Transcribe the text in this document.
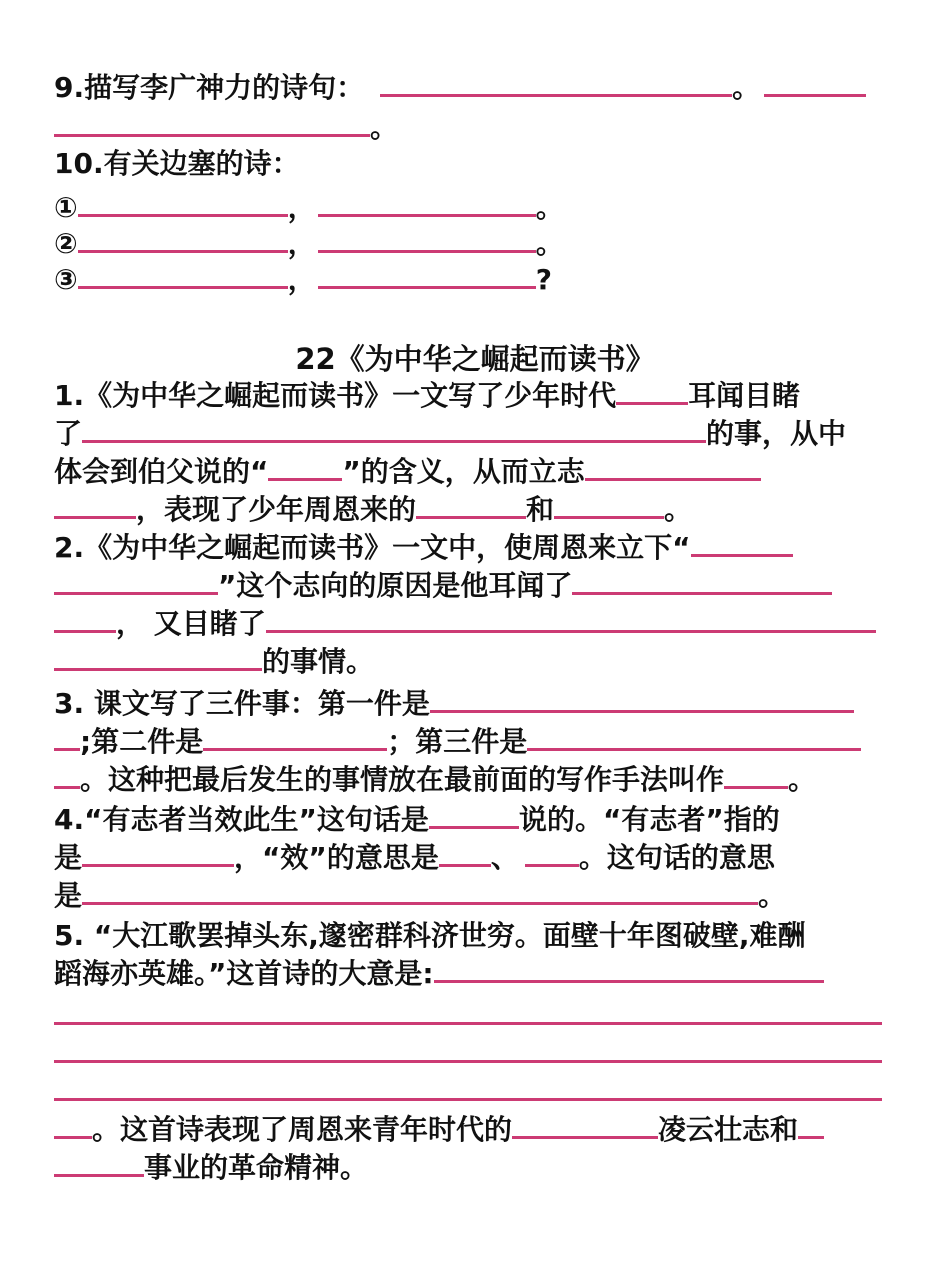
9.描写李广神力的诗句：	。
。
10.有关边塞的诗：
①	，	。
②	，	。
③	，	?
22《为中华之崛起而读书》
1.《为中华之崛起而读书》一文写了少年时代	耳闻目睹
了	的事，从中
体会到伯父说的“	”的含义，从而立志
，表现了少年周恩来的	和	。
2.《为中华之崛起而读书》一文中，使周恩来立下“
”这个志向的原因是他耳闻了
， 又目睹了
的事情。
3. 课文写了三件事：第一件是
;第二件是	；第三件是
。这种把最后发生的事情放在最前面的写作手法叫作 。
4.“有志者当效此生”这句话是	说的。“有志者”指的
是	，“效”的意思是 、 。这句话的意思
是	。
5. “大江歌罢掉头东,邃密群科济世穷。面壁十年图破壁,难酬
蹈海亦英雄。”这首诗的大意是:
。这首诗表现了周恩来青年时代的	凌云壮志和
事业的革命精神。
